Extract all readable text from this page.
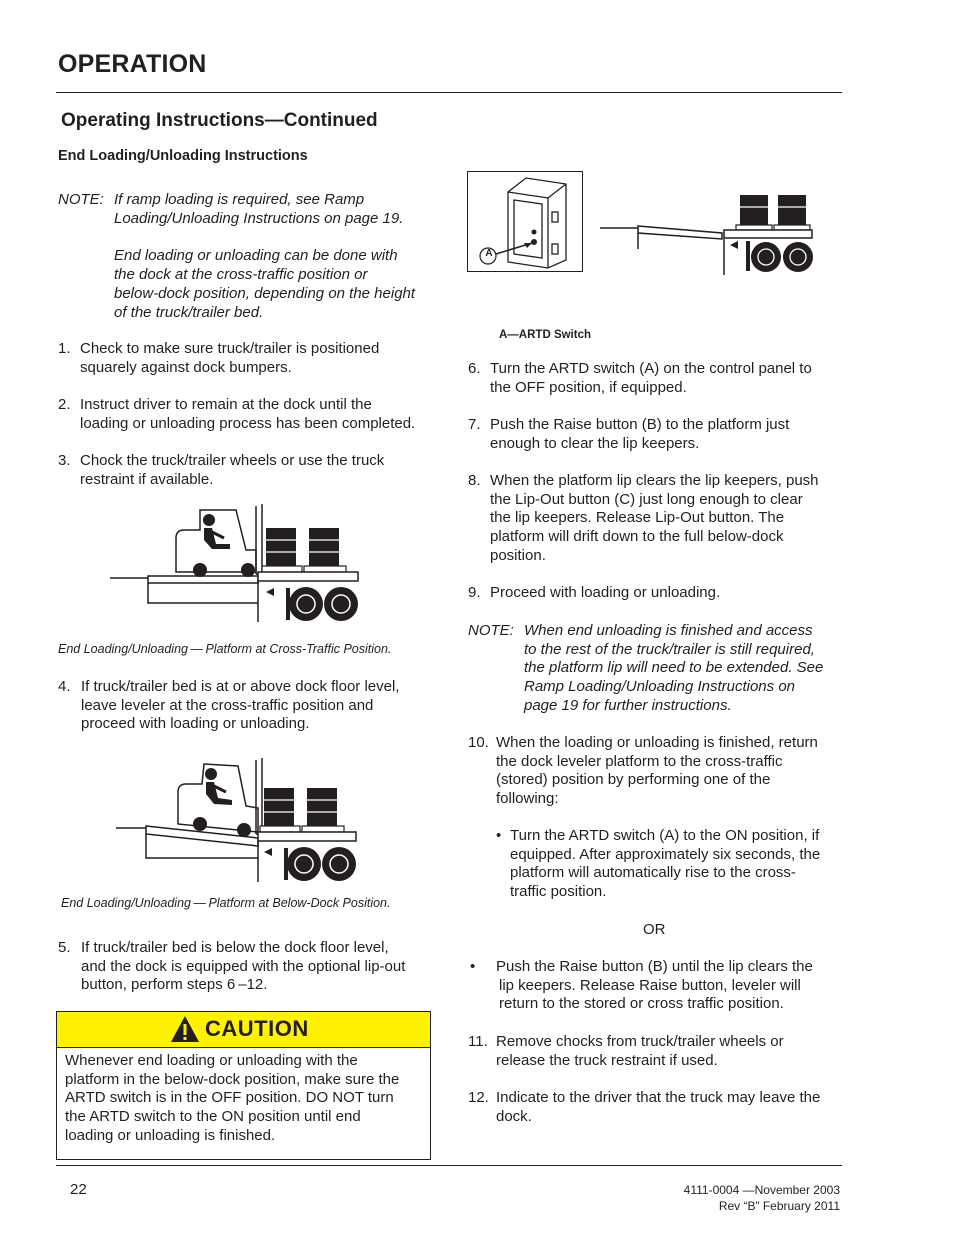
OPERATION
Operating Instructions—Continued
End Loading/Unloading Instructions
NOTE: If ramp loading is required, see Ramp
Loading/Unloading Instructions on page 19.
End loading or unloading can be done with
the dock at the cross-traffic position or
below-dock position, depending on the height
of the truck/trailer bed.
1. Check to make sure truck/trailer is positioned
squarely against dock bumpers.
2. Instruct driver to remain at the dock until the
loading or unloading process has been completed.
3. Chock the truck/trailer wheels or use the truck
restraint if available.
End Loading/Unloading — Platform at Cross-Traffic Position.
4. If truck/trailer bed is at or above dock floor level,
leave leveler at the cross-traffic position and
proceed with loading or unloading.
End Loading/Unloading — Platform at Below-Dock Position.
5. If truck/trailer bed is below the dock floor level,
and the dock is equipped with the optional lip-out
button, perform steps 6 –12.
CAUTION
Whenever end loading or unloading with the
platform in the below-dock position, make sure the
ARTD switch is in the OFF position. DO NOT turn
the ARTD switch to the ON position until end
loading or unloading is finished.
A
A—ARTD Switch
6. Turn the ARTD switch (A) on the control panel to
the OFF position, if equipped.
7. Push the Raise button (B) to the platform just
enough to clear the lip keepers.
8. When the platform lip clears the lip keepers, push
the Lip-Out button (C) just long enough to clear
the lip keepers. Release Lip-Out button. The
platform will drift down to the full below-dock
position.
9. Proceed with loading or unloading.
NOTE: When end unloading is finished and access
to the rest of the truck/trailer is still required,
the platform lip will need to be extended. See
Ramp Loading/Unloading Instructions on
page 19 for further instructions.
10. When the loading or unloading is finished, return
the dock leveler platform to the cross-traffic
(stored) position by performing one of the
following:
• Turn the ARTD switch (A) to the ON position, if
equipped. After approximately six seconds, the
platform will automatically rise to the cross-
traffic position.
OR
• Push the Raise button (B) until the lip clears the
lip keepers. Release Raise button, leveler will
return to the stored or cross traffic position.
11. Remove chocks from truck/trailer wheels or
release the truck restraint if used.
12. Indicate to the driver that the truck may leave the
dock.
22	4111-0004 —November 2003
Rev “B” February 2011
